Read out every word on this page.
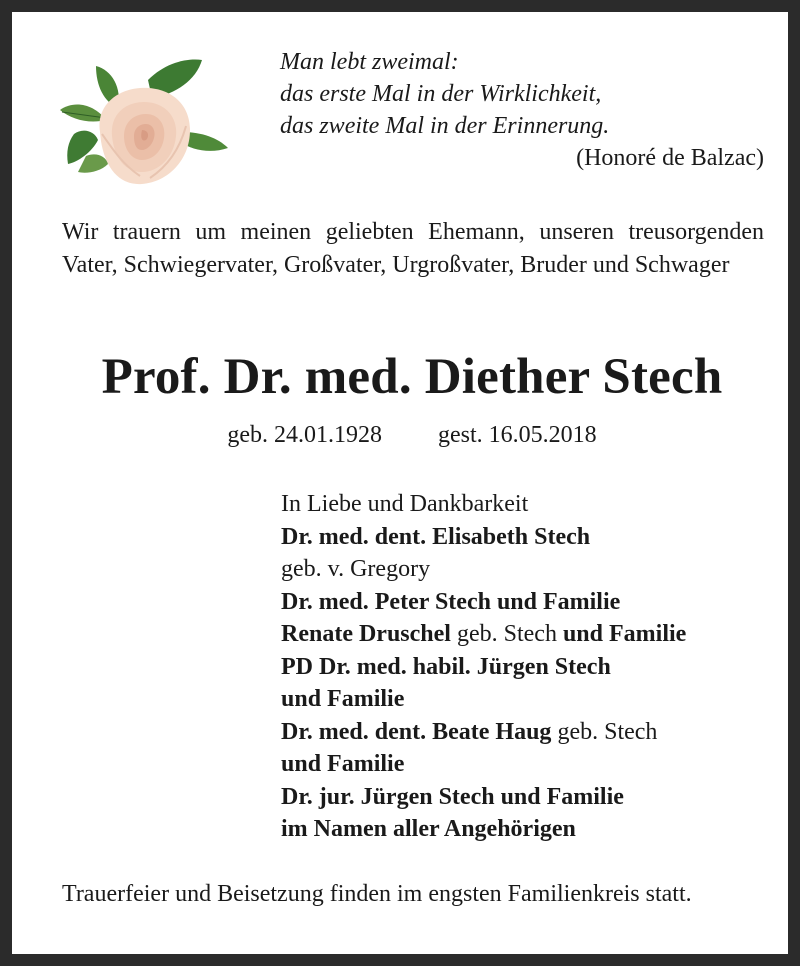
Man lebt zweimal:
das erste Mal in der Wirklichkeit,
das zweite Mal in der Erinnerung.
(Honoré de Balzac)
Wir trauern um meinen geliebten Ehemann, unseren treusorgenden Vater, Schwiegervater, Großvater, Urgroßvater, Bruder und Schwager
Prof. Dr. med. Diether Stech
geb. 24.01.1928 gest. 16.05.2018
In Liebe und Dankbarkeit
Dr. med. dent. Elisabeth Stech
geb. v. Gregory
Dr. med. Peter Stech und Familie
Renate Druschel geb. Stech und Familie
PD Dr. med. habil. Jürgen Stech
und Familie
Dr. med. dent. Beate Haug geb. Stech
und Familie
Dr. jur. Jürgen Stech und Familie
im Namen aller Angehörigen
Trauerfeier und Beisetzung finden im engsten Familienkreis statt.
